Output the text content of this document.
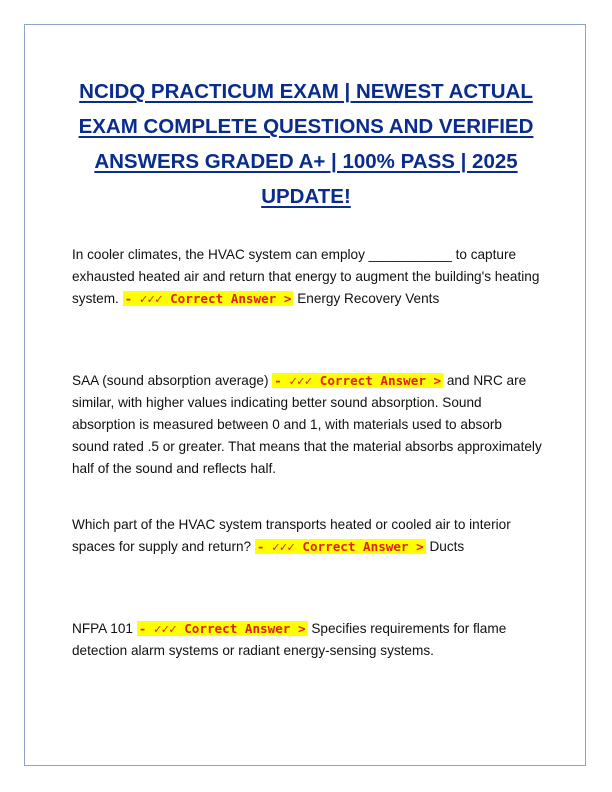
NCIDQ PRACTICUM EXAM | NEWEST ACTUAL EXAM COMPLETE QUESTIONS AND VERIFIED ANSWERS GRADED A+ | 100% PASS | 2025 UPDATE!

In cooler climates, the HVAC system can employ ___________ to capture exhausted heated air and return that energy to augment the building's heating system. - ✓✓✓ Correct Answer > Energy Recovery Vents

SAA (sound absorption average) - ✓✓✓ Correct Answer > and NRC are similar, with higher values indicating better sound absorption. Sound absorption is measured between 0 and 1, with materials used to absorb sound rated .5 or greater. That means that the material absorbs approximately half of the sound and reflects half.

Which part of the HVAC system transports heated or cooled air to interior spaces for supply and return? - ✓✓✓ Correct Answer > Ducts

NFPA 101 - ✓✓✓ Correct Answer > Specifies requirements for flame detection alarm systems or radiant energy-sensing systems.
